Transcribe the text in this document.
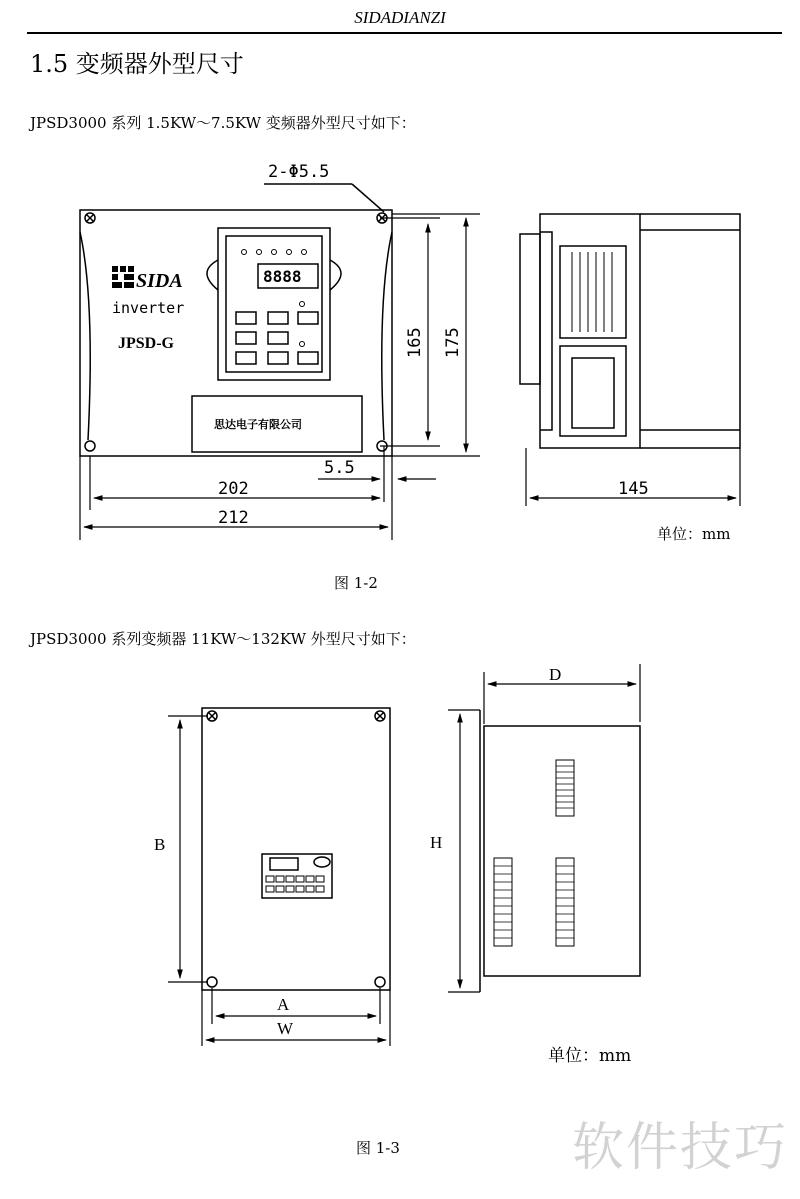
SIDADIANZI
1.5 变频器外型尺寸
JPSD3000 系列 1.5KW～7.5KW 变频器外型尺寸如下：
2-Φ5.5
8888
SIDA
inverter
JPSD-G
思达电子有限公司
165 175
5.5
202
212
145
单位：mm
图 1-2
JPSD3000 系列变频器 11KW～132KW 外型尺寸如下：
B
A
W
D
H
单位：mm
图 1-3	软件技巧
